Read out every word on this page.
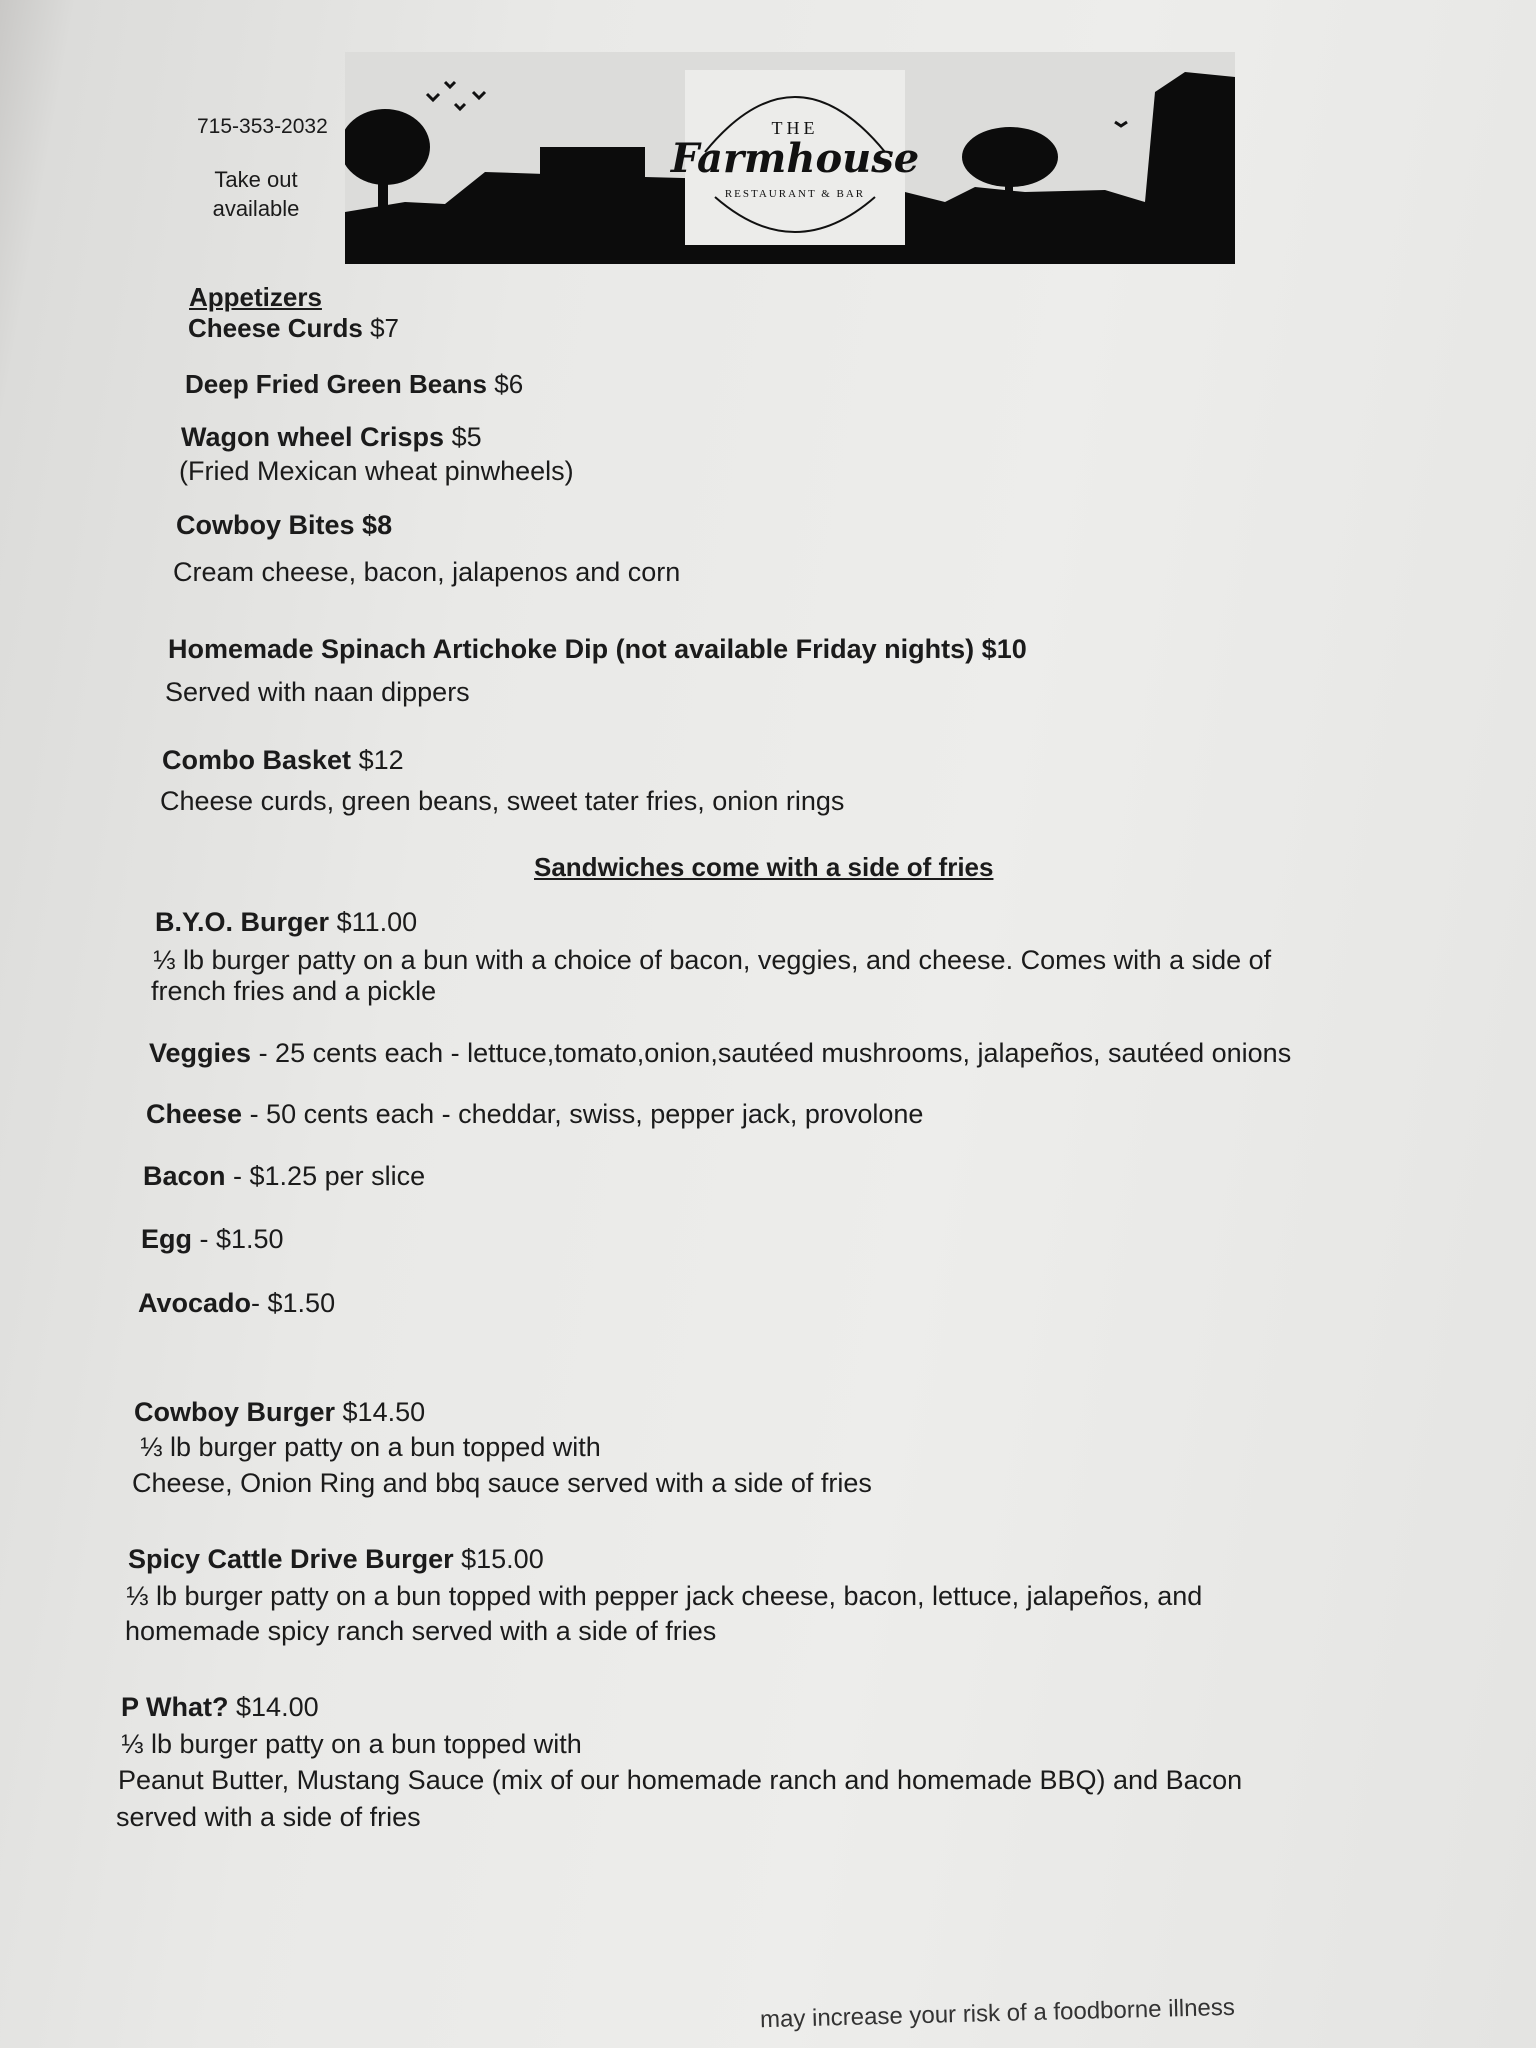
715-353-2032
Take out available
THE
Farmhouse
RESTAURANT & BAR
Appetizers
Cheese Curds $7
Deep Fried Green Beans $6
Wagon wheel Crisps $5
(Fried Mexican wheat pinwheels)
Cowboy Bites $8
Cream cheese, bacon, jalapenos and corn
Homemade Spinach Artichoke Dip (not available Friday nights) $10
Served with naan dippers
Combo Basket $12
Cheese curds, green beans, sweet tater fries, onion rings
Sandwiches come with a side of fries
B.Y.O. Burger $11.00
⅓ lb burger patty on a bun with a choice of bacon, veggies, and cheese. Comes with a side of
french fries and a pickle
Veggies - 25 cents each - lettuce,tomato,onion,sautéed mushrooms, jalapeños, sautéed onions
Cheese - 50 cents each - cheddar, swiss, pepper jack, provolone
Bacon - $1.25 per slice
Egg - $1.50
Avocado- $1.50
Cowboy Burger $14.50
⅓ lb burger patty on a bun topped with
Cheese, Onion Ring and bbq sauce served with a side of fries
Spicy Cattle Drive Burger $15.00
⅓ lb burger patty on a bun topped with pepper jack cheese, bacon, lettuce, jalapeños, and
homemade spicy ranch served with a side of fries
P What? $14.00
⅓ lb burger patty on a bun topped with
Peanut Butter, Mustang Sauce (mix of our homemade ranch and homemade BBQ) and Bacon
served with a side of fries
may increase your risk of a foodborne illness
